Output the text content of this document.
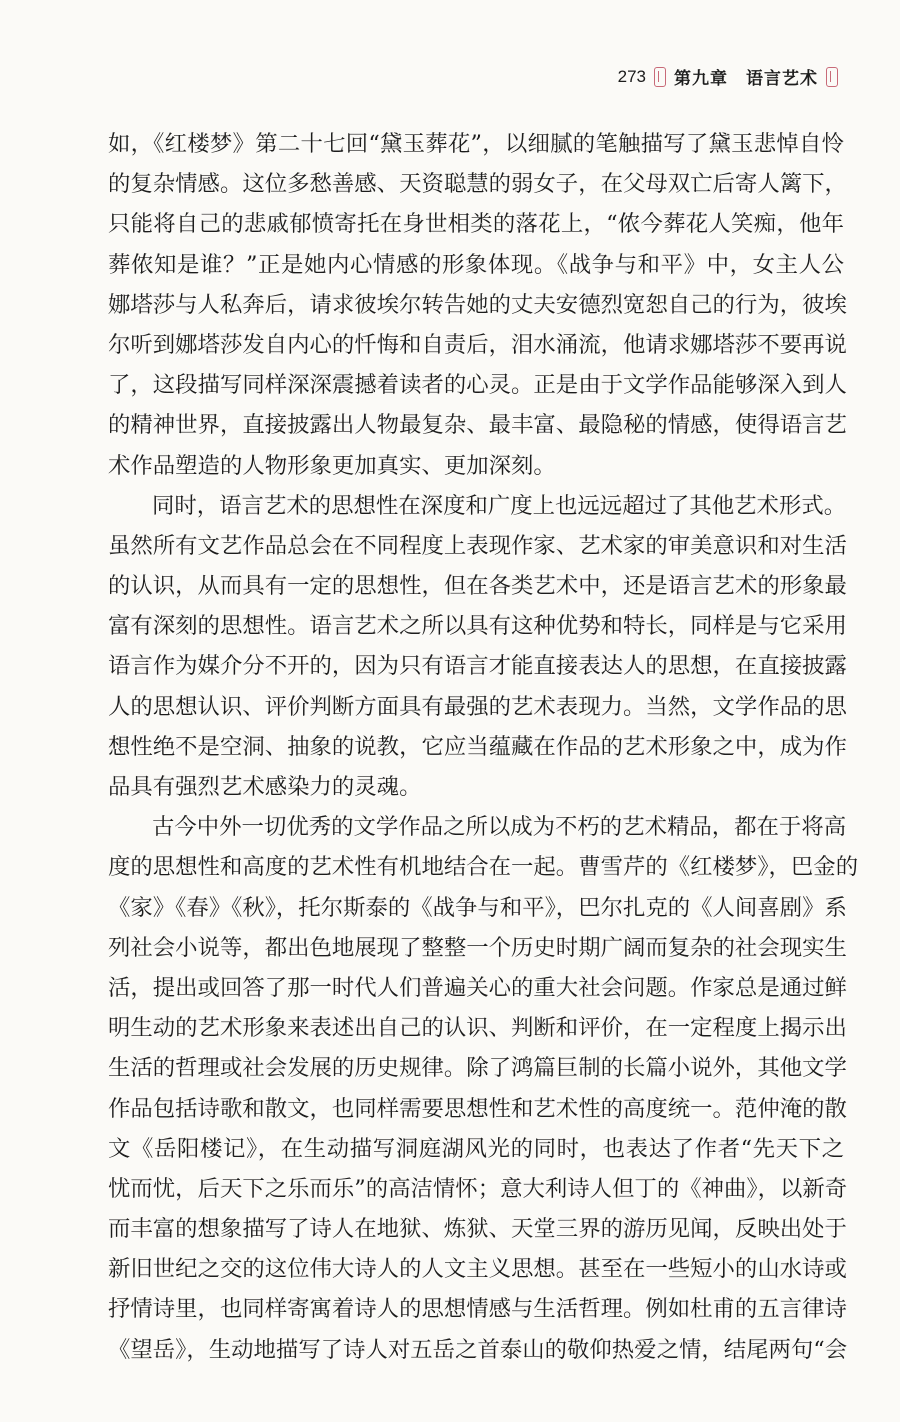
273 第九章　语言艺术
如，《红楼梦》第二十七回“黛玉葬花”，以细腻的笔触描写了黛玉悲悼自怜
的复杂情感。这位多愁善感、天资聪慧的弱女子，在父母双亡后寄人篱下，
只能将自己的悲戚郁愤寄托在身世相类的落花上，“侬今葬花人笑痴，他年
葬侬知是谁？”正是她内心情感的形象体现。《战争与和平》中，女主人公
娜塔莎与人私奔后，请求彼埃尔转告她的丈夫安德烈宽恕自己的行为，彼埃
尔听到娜塔莎发自内心的忏悔和自责后，泪水涌流，他请求娜塔莎不要再说
了，这段描写同样深深震撼着读者的心灵。正是由于文学作品能够深入到人
的精神世界，直接披露出人物最复杂、最丰富、最隐秘的情感，使得语言艺
术作品塑造的人物形象更加真实、更加深刻。
同时，语言艺术的思想性在深度和广度上也远远超过了其他艺术形式。
虽然所有文艺作品总会在不同程度上表现作家、艺术家的审美意识和对生活
的认识，从而具有一定的思想性，但在各类艺术中，还是语言艺术的形象最
富有深刻的思想性。语言艺术之所以具有这种优势和特长，同样是与它采用
语言作为媒介分不开的，因为只有语言才能直接表达人的思想，在直接披露
人的思想认识、评价判断方面具有最强的艺术表现力。当然，文学作品的思
想性绝不是空洞、抽象的说教，它应当蕴藏在作品的艺术形象之中，成为作
品具有强烈艺术感染力的灵魂。
古今中外一切优秀的文学作品之所以成为不朽的艺术精品，都在于将高
度的思想性和高度的艺术性有机地结合在一起。曹雪芹的《红楼梦》，巴金的
《家》《春》《秋》，托尔斯泰的《战争与和平》，巴尔扎克的《人间喜剧》系
列社会小说等，都出色地展现了整整一个历史时期广阔而复杂的社会现实生
活，提出或回答了那一时代人们普遍关心的重大社会问题。作家总是通过鲜
明生动的艺术形象来表述出自己的认识、判断和评价，在一定程度上揭示出
生活的哲理或社会发展的历史规律。除了鸿篇巨制的长篇小说外，其他文学
作品包括诗歌和散文，也同样需要思想性和艺术性的高度统一。范仲淹的散
文《岳阳楼记》，在生动描写洞庭湖风光的同时，也表达了作者“先天下之
忧而忧，后天下之乐而乐”的高洁情怀；意大利诗人但丁的《神曲》，以新奇
而丰富的想象描写了诗人在地狱、炼狱、天堂三界的游历见闻，反映出处于
新旧世纪之交的这位伟大诗人的人文主义思想。甚至在一些短小的山水诗或
抒情诗里，也同样寄寓着诗人的思想情感与生活哲理。例如杜甫的五言律诗
《望岳》，生动地描写了诗人对五岳之首泰山的敬仰热爱之情，结尾两句“会
